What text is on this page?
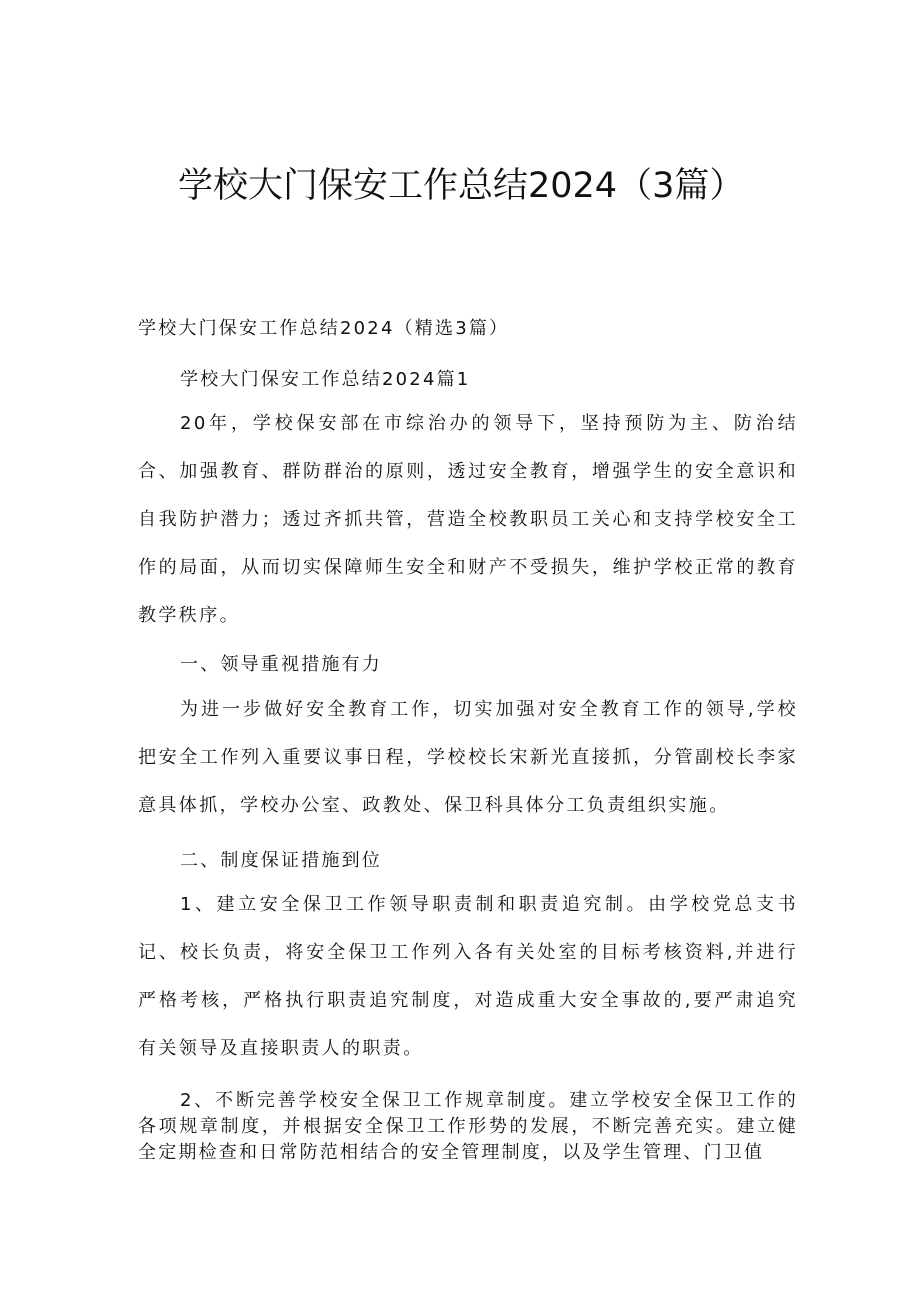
学校大门保安工作总结2024（3篇）
学校大门保安工作总结2024（精选3篇）
学校大门保安工作总结2024篇1
20年，学校保安部在市综治办的领导下，坚持预防为主、防治结合、加强教育、群防群治的原则，透过安全教育，增强学生的安全意识和自我防护潜力；透过齐抓共管，营造全校教职员工关心和支持学校安全工作的局面，从而切实保障师生安全和财产不受损失，维护学校正常的教育教学秩序。
一、领导重视措施有力
为进一步做好安全教育工作，切实加强对安全教育工作的领导,学校把安全工作列入重要议事日程，学校校长宋新光直接抓，分管副校长李家意具体抓，学校办公室、政教处、保卫科具体分工负责组织实施。
二、制度保证措施到位
1、建立安全保卫工作领导职责制和职责追究制。由学校党总支书记、校长负责，将安全保卫工作列入各有关处室的目标考核资料,并进行严格考核，严格执行职责追究制度，对造成重大安全事故的,要严肃追究有关领导及直接职责人的职责。
2、不断完善学校安全保卫工作规章制度。建立学校安全保卫工作的各项规章制度，并根据安全保卫工作形势的发展，不断完善充实。建立健全定期检查和日常防范相结合的安全管理制度，以及学生管理、门卫值
